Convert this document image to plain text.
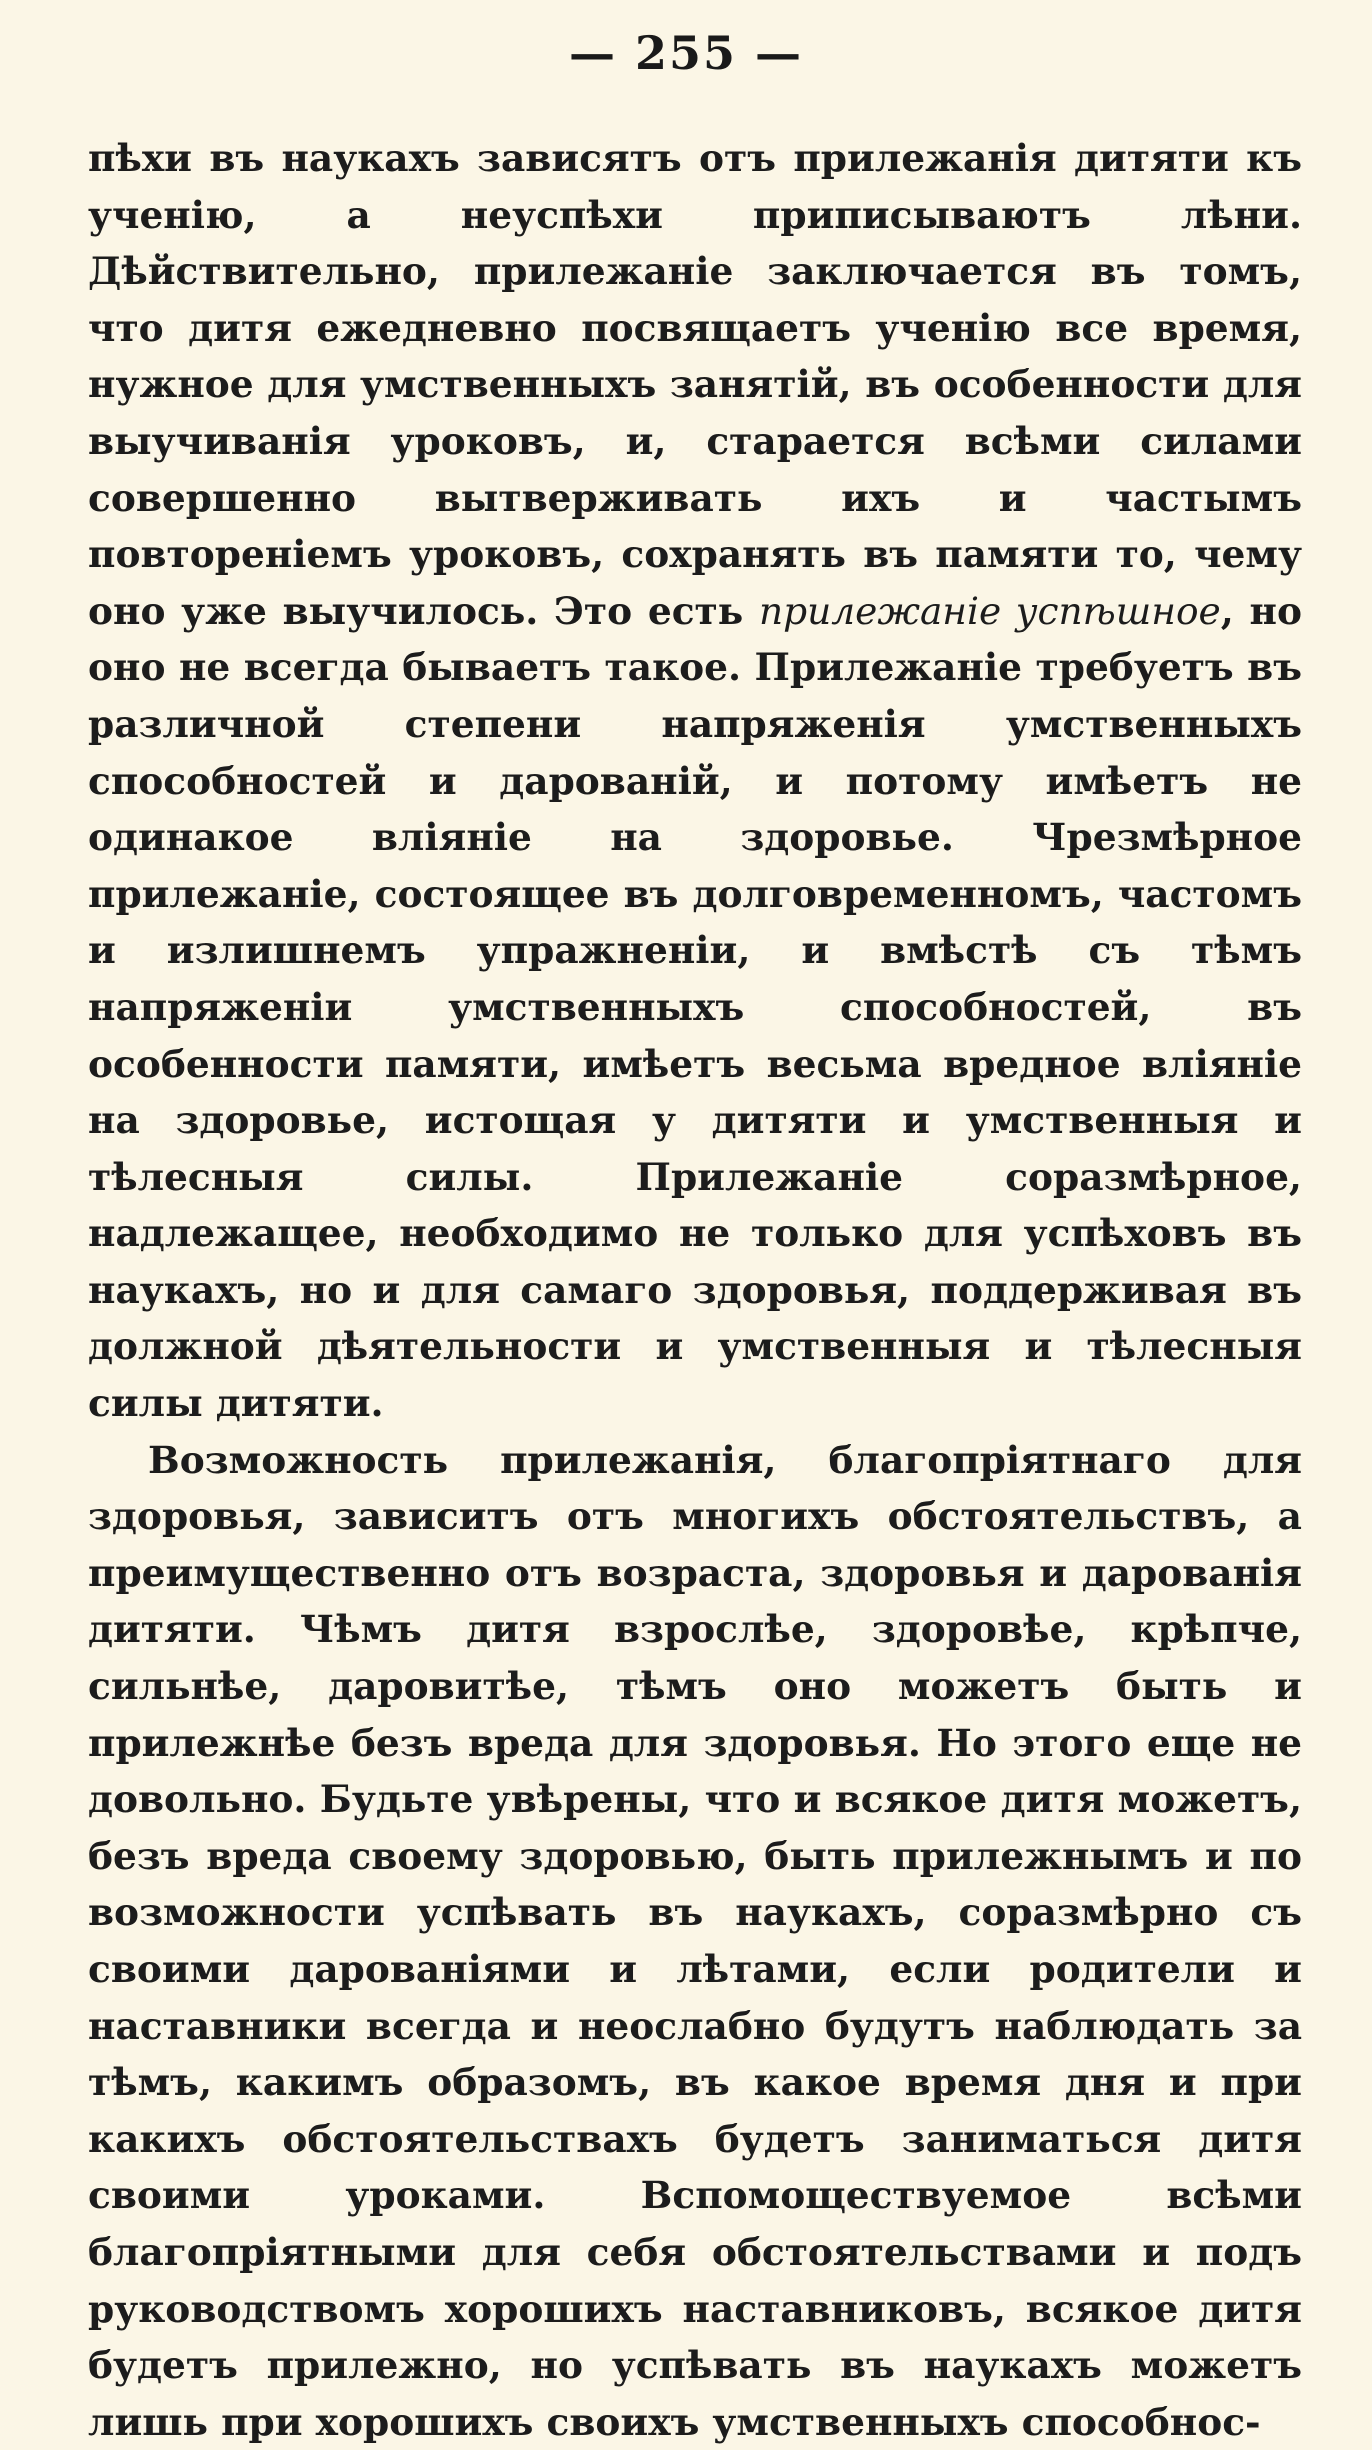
— 255 —

пѣхи въ наукахъ зависятъ отъ прилежанія дитяти къ ученію, а неуспѣхи приписываютъ лѣни. Дѣйствительно, прилежаніе заключается въ томъ, что дитя ежедневно посвящаетъ ученію все время, нужное для умственныхъ занятій, въ особенности для выучиванія уроковъ, и, старается всѣми силами совершенно вытверживать ихъ и частымъ повтореніемъ уроковъ, сохранять въ памяти то, чему оно уже выучилось. Это есть прилежаніе успѣшное, но оно не всегда бываетъ такое. Прилежаніе требуетъ въ различной степени напряженія умственныхъ способностей и дарованій, и потому имѣетъ не одинакое вліяніе на здоровье. Чрезмѣрное прилежаніе, состоящее въ долговременномъ, частомъ и излишнемъ упражненіи, и вмѣстѣ съ тѣмъ напряженіи умственныхъ способностей, въ особенности памяти, имѣетъ весьма вредное вліяніе на здоровье, истощая у дитяти и умственныя и тѣлесныя силы. Прилежаніе соразмѣрное, надлежащее, необходимо не только для успѣховъ въ наукахъ, но и для самаго здоровья, поддерживая въ должной дѣятельности и умственныя и тѣлесныя силы дитяти.

Возможность прилежанія, благопріятнаго для здоровья, зависитъ отъ многихъ обстоятельствъ, а преимущественно отъ возраста, здоровья и дарованія дитяти. Чѣмъ дитя взрослѣе, здоровѣе, крѣпче, сильнѣе, даровитѣе, тѣмъ оно можетъ быть и прилежнѣе безъ вреда для здоровья. Но этого еще не довольно. Будьте увѣрены, что и всякое дитя можетъ, безъ вреда своему здоровью, быть прилежнымъ и по возможности успѣвать въ наукахъ, соразмѣрно съ своими дарованіями и лѣтами, если родители и наставники всегда и неослабно будутъ наблюдать за тѣмъ, какимъ образомъ, въ какое время дня и при какихъ обстоятельствахъ будетъ заниматься дитя своими уроками. Вспомоществуемое всѣми благопріятными для себя обстоятельствами и подъ руководствомъ хорошихъ наставниковъ, всякое дитя будетъ прилежно, но успѣвать въ наукахъ можетъ лишь при хорошихъ своихъ умственныхъ способнос-
